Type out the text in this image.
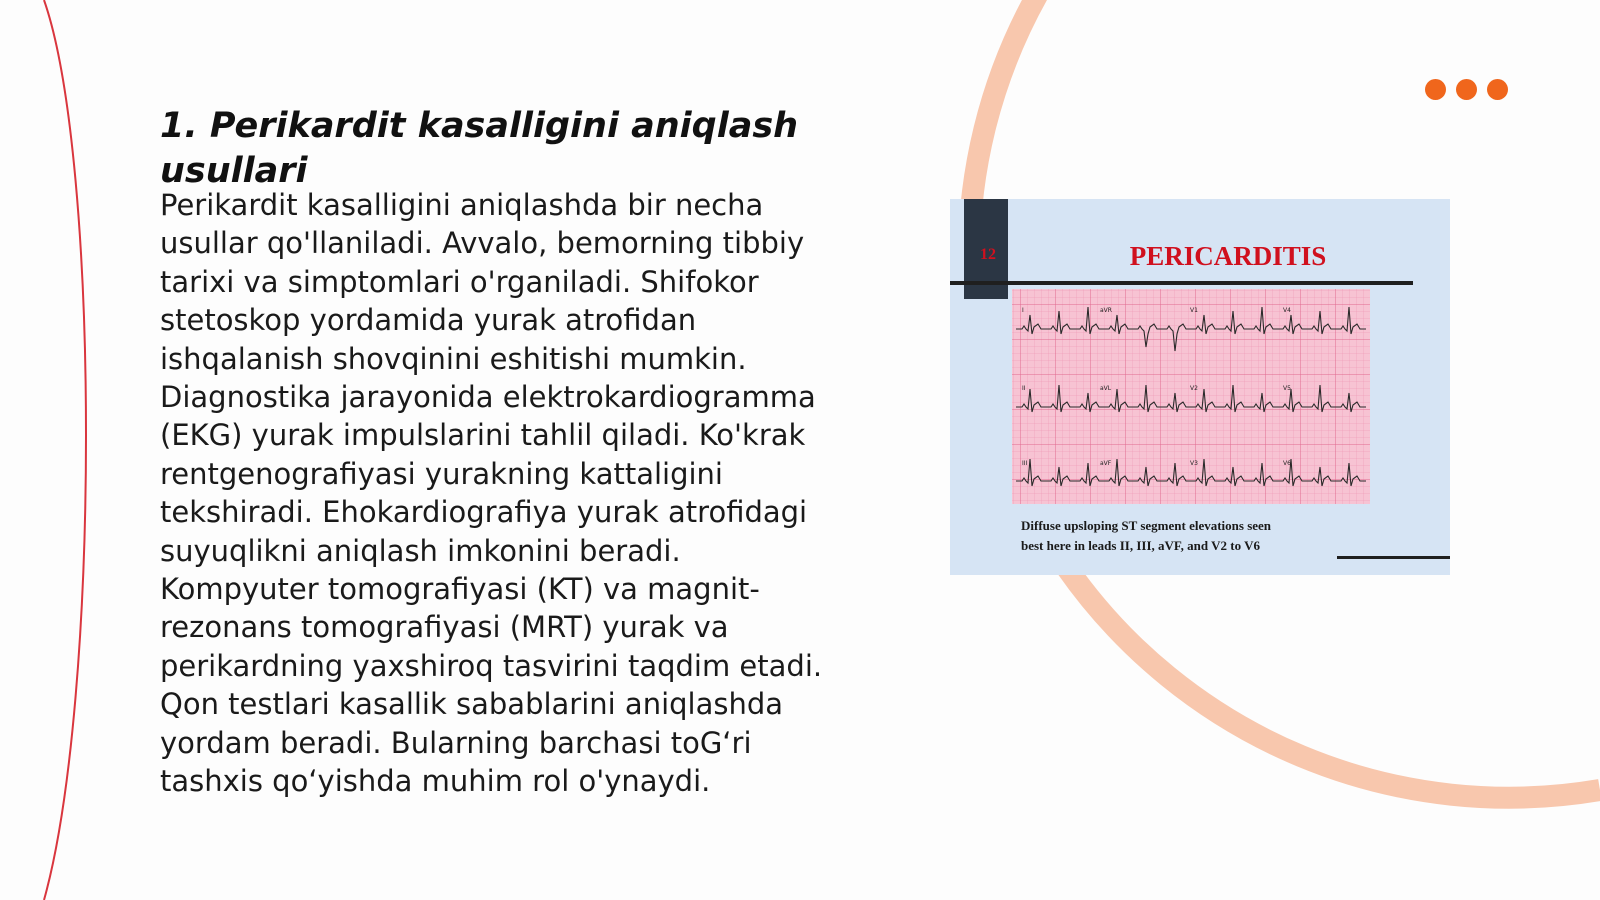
1. Perikardit kasalligini aniqlash usullari

Perikardit kasalligini aniqlashda bir necha usullar qo'llaniladi. Avvalo, bemorning tibbiy tarixi va simptomlari o'rganiladi. Shifokor stetoskop yordamida yurak atrofidan ishqalanish shovqinini eshitishi mumkin. Diagnostika jarayonida elektrokardiogramma (EKG) yurak impulslarini tahlil qiladi. Ko'krak rentgenografiyasi yurakning kattaligini tekshiradi. Ehokardiografiya yurak atrofidagi suyuqlikni aniqlash imkonini beradi. Kompyuter tomografiyasi (KT) va magnit-rezonans tomografiyasi (MRT) yurak va perikardning yaxshiroq tasvirini taqdim etadi. Qon testlari kasallik sabablarini aniqlashda yordam beradi. Bularning barchasi toG‘ri tashxis qo‘yishda muhim rol o'ynaydi.

12	PERICARDITIS
I	aVR	V1	V4
II	aVL	V2	V5
III	aVF	V3	V6
Diffuse upsloping ST segment elevations seen
best here in leads II, III, aVF, and V2 to V6
